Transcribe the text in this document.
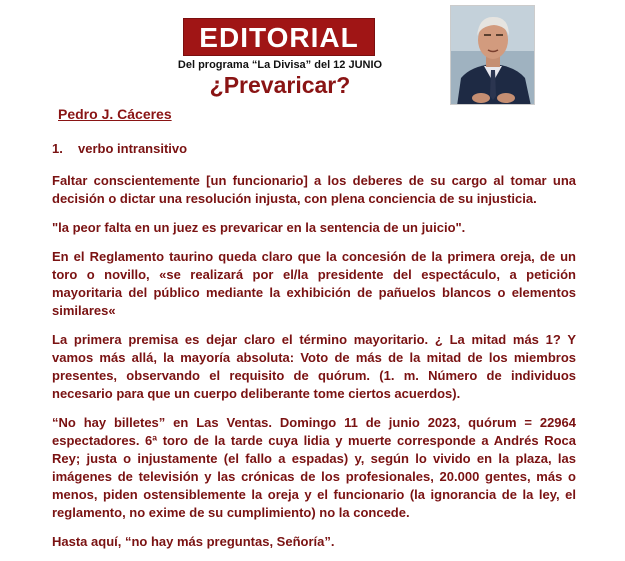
EDITORIAL
Del programa “La Divisa” del 12 JUNIO
¿Prevaricar?
Pedro J. Cáceres
1. verbo intransitivo

Faltar conscientemente [un funcionario] a los deberes de su cargo al tomar una decisión o dictar una resolución injusta, con plena conciencia de su injusticia.

"la peor falta en un juez es prevaricar en la sentencia de un juicio".

En el Reglamento taurino queda claro que la concesión de la primera oreja, de un toro o novillo, «se realizará por el/la presidente del espectáculo, a petición mayoritaria del público mediante la exhibición de pañuelos blancos o elementos similares«

La primera premisa es dejar claro el término mayoritario. ¿ La mitad más 1? Y vamos más allá, la mayoría absoluta: Voto de más de la mitad de los miembros presentes, observando el requisito de quórum. (1. m. Número de individuos necesario para que un cuerpo deliberante tome ciertos acuerdos).

“No hay billetes” en Las Ventas. Domingo 11 de junio 2023, quórum = 22964 espectadores. 6ª toro de la tarde cuya lidia y muerte corresponde a Andrés Roca Rey; justa o injustamente (el fallo a espadas) y, según lo vivido en la plaza, las imágenes de televisión y las crónicas de los profesionales, 20.000 gentes, más o menos, piden ostensiblemente la oreja y el funcionario (la ignorancia de la ley, el reglamento, no exime de su cumplimiento) no la concede.

Hasta aquí, “no hay más preguntas, Señoría”.
